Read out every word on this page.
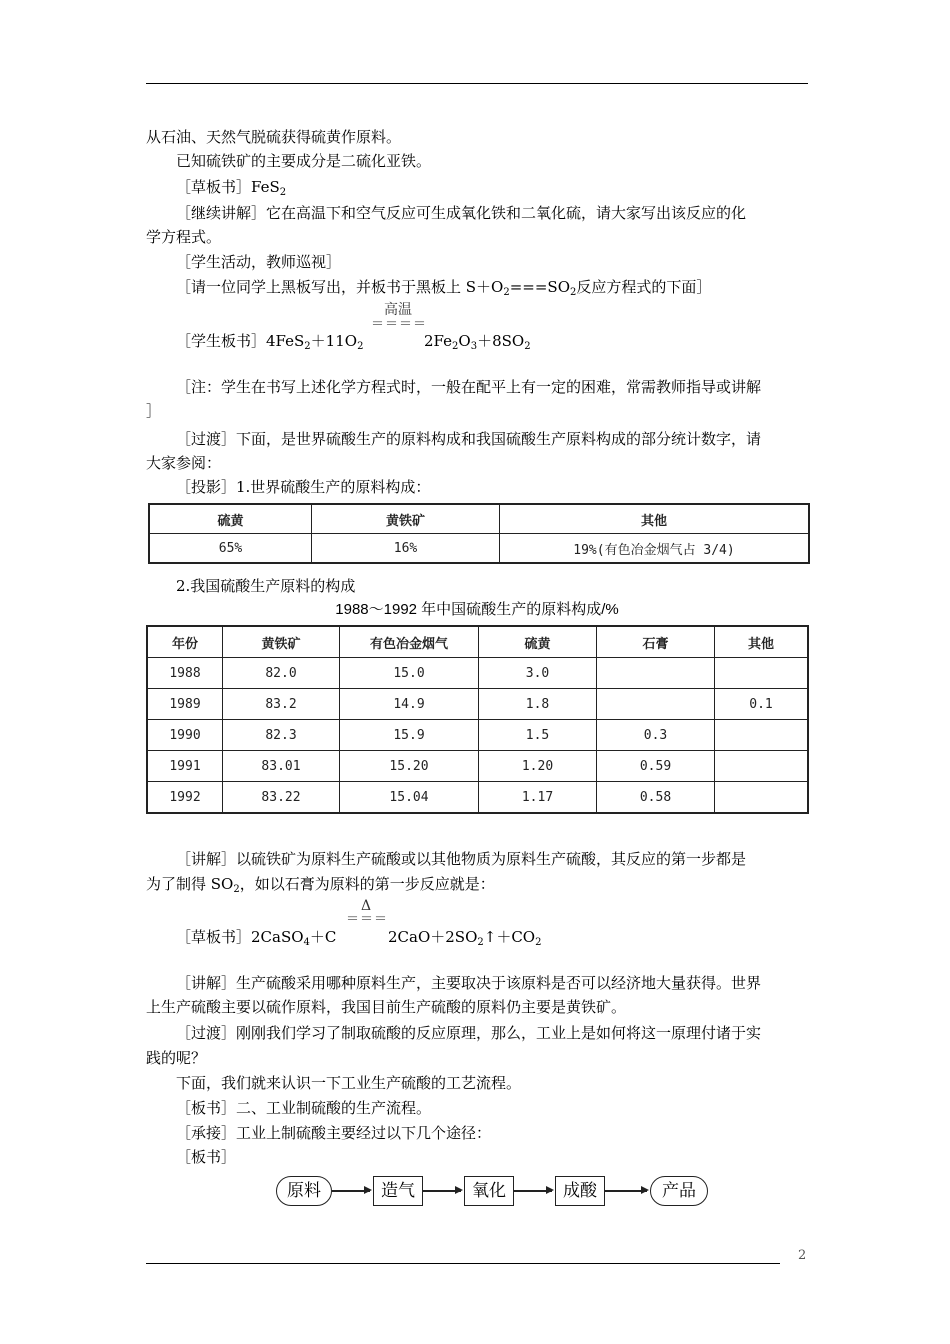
从石油、天然气脱硫获得硫黄作原料。
已知硫铁矿的主要成分是二硫化亚铁。
［草板书］FeS$_2$
［继续讲解］它在高温下和空气反应可生成氧化铁和二氧化硫，请大家写出该反应的化
学方程式。
［学生活动，教师巡视］
［请一位同学上黑板写出，并板书于黑板上 $S+O_2===SO_2$反应方程式的下面］
高温
＝＝＝＝
［学生板书$]4FeS_2+11O_2$	$2Fe_2O_3+8SO_2$
［注：学生在书写上述化学方程式时，一般在配平上有一定的困难，常需教师指导或讲解
］
［过渡］下面，是世界硫酸生产的原料构成和我国硫酸生产原料构成的部分统计数字，请
大家参阅：
［投影］1.世界硫酸生产的原料构成：
硫黄	黄铁矿	其他
65%	16%	19%(有色冶金烟气占 3/4)
2.我国硫酸生产原料的构成
1988～1992 年中国硫酸生产的原料构成/%
年份	黄铁矿	有色冶金烟气	硫黄	石膏	其他
1988	82.0	15.0	3.0		
1989	83.2	14.9	1.8		0.1
1990	82.3	15.9	1.5	0.3	
1991	83.01	15.20	1.20	0.59	
1992	83.22	15.04	1.17	0.58	
［讲解］以硫铁矿为原料生产硫酸或以其他物质为原料生产硫酸，其反应的第一步都是
为了制得 $SO_2$，如以石膏为原料的第一步反应就是：
Δ
＝＝＝
［草板书］2CaSO$_4$＋C	$2CaO+2SO_2↑+CO_2$
［讲解］生产硫酸采用哪种原料生产，主要取决于该原料是否可以经济地大量获得。世界
上生产硫酸主要以硫作原料，我国目前生产硫酸的原料仍主要是黄铁矿。
［过渡］刚刚我们学习了制取硫酸的反应原理，那么，工业上是如何将这一原理付诸于实
践的呢？
下面，我们就来认识一下工业生产硫酸的工艺流程。
［板书］二、工业制硫酸的生产流程。
［承接］工业上制硫酸主要经过以下几个途径：
［板书］
原料	造气	氧化	成酸	产品
2
